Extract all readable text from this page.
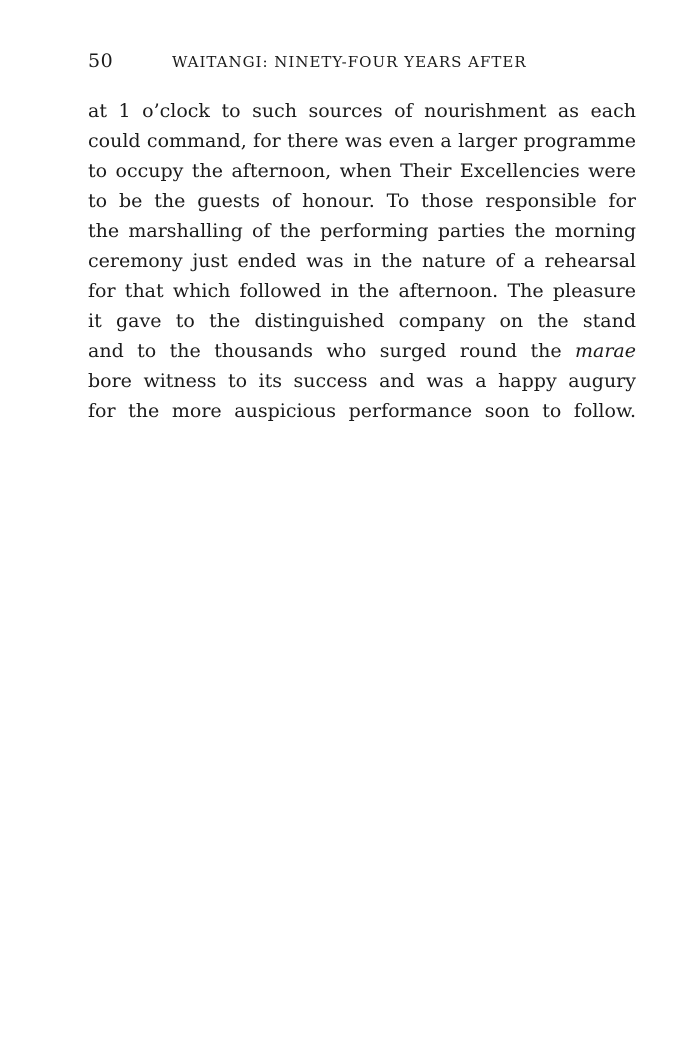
50	WAITANGI: NINETY-FOUR YEARS AFTER
at 1 o’clock to such sources of nourishment as each
could command, for there was even a larger programme
to occupy the afternoon, when Their Excellencies were
to be the guests of honour. To those responsible for
the marshalling of the performing parties the morning
ceremony just ended was in the nature of a rehearsal
for that which followed in the afternoon. The pleasure
it gave to the distinguished company on the stand
and to the thousands who surged round the marae
bore witness to its success and was a happy augury
for the more auspicious performance soon to follow.
